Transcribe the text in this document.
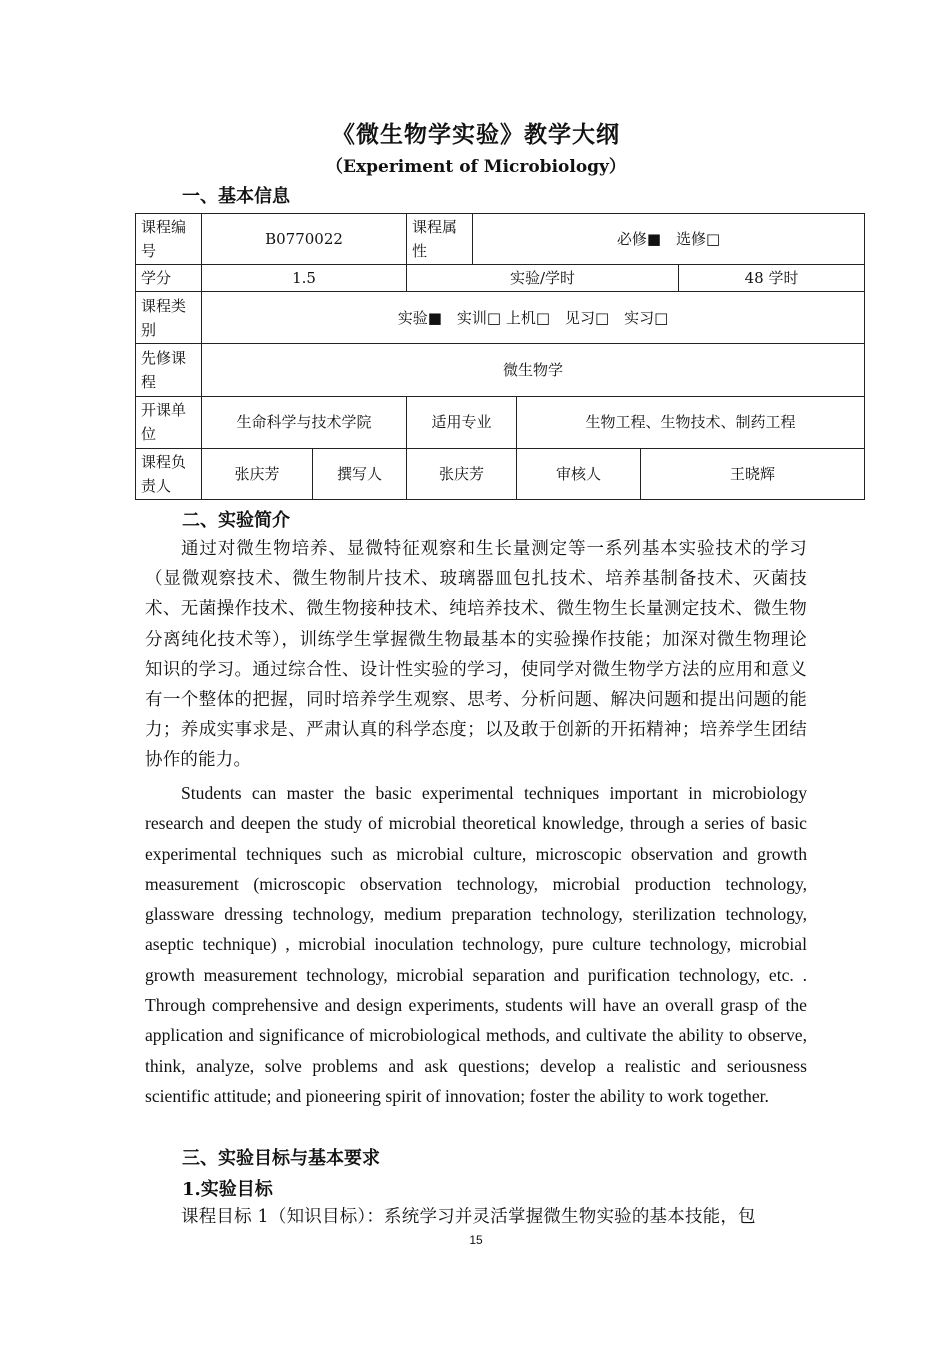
《微生物学实验》教学大纲
（Experiment of Microbiology）
一、基本信息
课程编号	B0770022		课程属性	必修■　选修□			
学分	1.5		实验/学时				48 学时
课程类别	实验■　实训□ 上机□　见习□　实习□						
先修课程	微生物学						
开课单位	生命科学与技术学院		适用专业		生物工程、生物技术、制药工程		
课程负责人	张庆芳	撰写人	张庆芳		审核人	王晓辉	
二、实验简介
通过对微生物培养、显微特征观察和生长量测定等一系列基本实验技术的学习（显微观察技术、微生物制片技术、玻璃器皿包扎技术、培养基制备技术、灭菌技术、无菌操作技术、微生物接种技术、纯培养技术、微生物生长量测定技术、微生物分离纯化技术等），训练学生掌握微生物最基本的实验操作技能；加深对微生物理论知识的学习。通过综合性、设计性实验的学习，使同学对微生物学方法的应用和意义有一个整体的把握，同时培养学生观察、思考、分析问题、解决问题和提出问题的能力；养成实事求是、严肃认真的科学态度；以及敢于创新的开拓精神；培养学生团结协作的能力。
Students can master the basic experimental techniques important in microbiology research and deepen the study of microbial theoretical knowledge, through a series of basic experimental techniques such as microbial culture, microscopic observation and growth measurement (microscopic observation technology, microbial production technology, glassware dressing technology, medium preparation technology, sterilization technology, aseptic technique) , microbial inoculation technology, pure culture technology, microbial growth measurement technology, microbial separation and purification technology, etc. . Through comprehensive and design experiments, students will have an overall grasp of the application and significance of microbiological methods, and cultivate the ability to observe, think, analyze, solve problems and ask questions; develop a realistic and seriousness scientific attitude; and pioneering spirit of innovation; foster the ability to work together.
三、实验目标与基本要求
1.实验目标
课程目标 1（知识目标）：系统学习并灵活掌握微生物实验的基本技能，包
15
